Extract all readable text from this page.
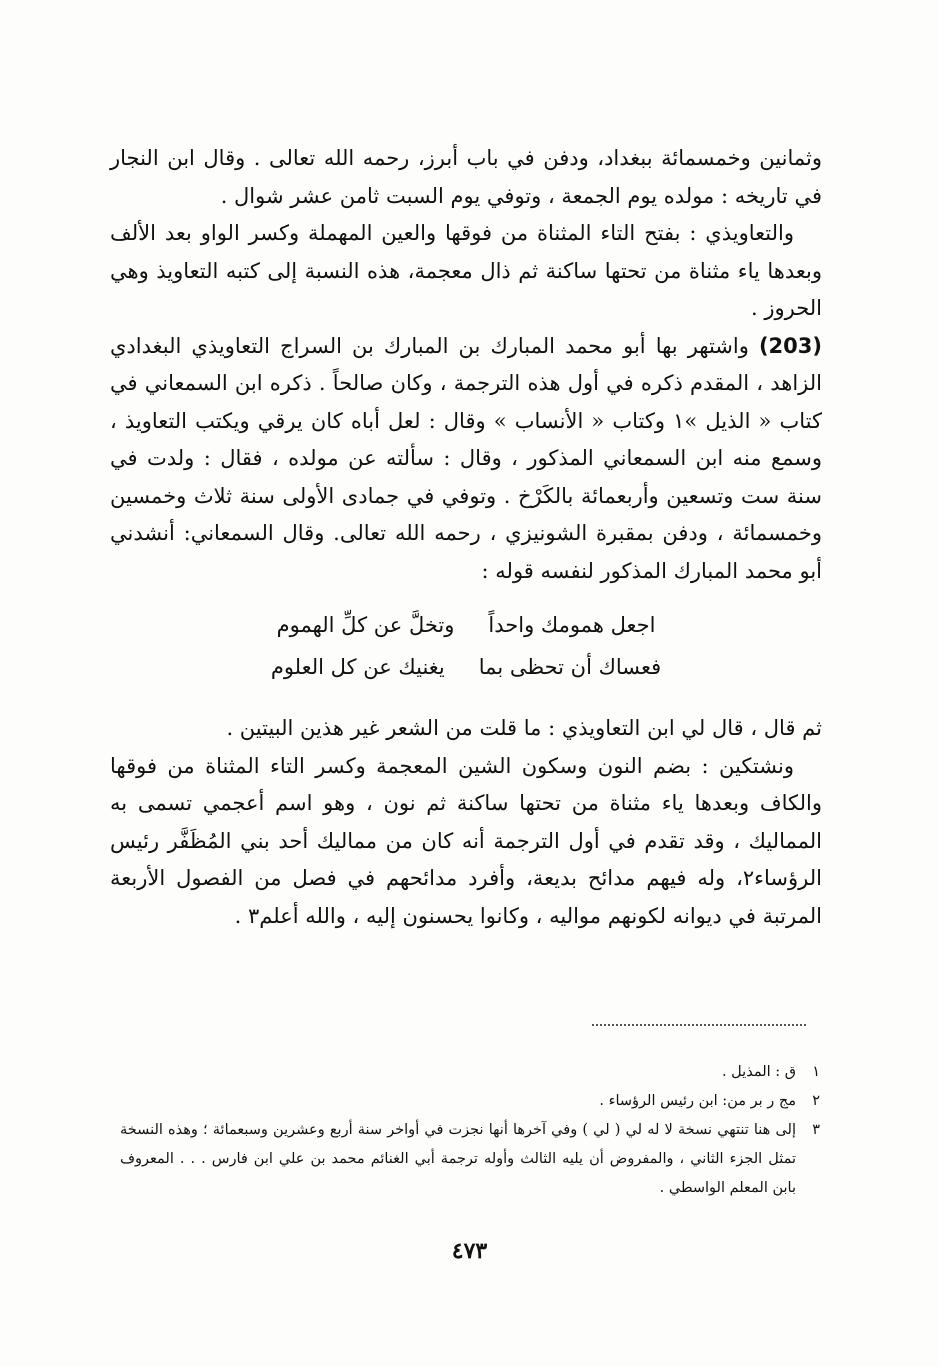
وثمانين وخمسمائة ببغداد، ودفن في باب أبرز، رحمه الله تعالى . وقال ابن النجار في تاريخه : مولده يوم الجمعة ، وتوفي يوم السبت ثامن عشر شوال .

والتعاويذي : بفتح التاء المثناة من فوقها والعين المهملة وكسر الواو بعد الألف وبعدها ياء مثناة من تحتها ساكنة ثم ذال معجمة، هذه النسبة إلى كتبه التعاويذ وهي الحروز .

(203) واشتهر بها أبو محمد المبارك بن المبارك بن السراج التعاويذي البغدادي الزاهد ، المقدم ذكره في أول هذه الترجمة ، وكان صالحاً . ذكره ابن السمعاني في كتاب « الذيل »١ وكتاب « الأنساب » وقال : لعل أباه كان يرقي ويكتب التعاويذ ، وسمع منه ابن السمعاني المذكور ، وقال : سألته عن مولده ، فقال : ولدت في سنة ست وتسعين وأربعمائة بالكَرْخ . وتوفي في جمادى الأولى سنة ثلاث وخمسين وخمسمائة ، ودفن بمقبرة الشونيزي ، رحمه الله تعالى. وقال السمعاني: أنشدني أبو محمد المبارك المذكور لنفسه قوله :

اجعل همومك واحداً
وتخلَّ عن كلِّ الهموم
فعساك أن تحظى بما
يغنيك عن كل العلوم

ثم قال ، قال لي ابن التعاويذي : ما قلت من الشعر غير هذين البيتين .

ونشتكين : بضم النون وسكون الشين المعجمة وكسر التاء المثناة من فوقها والكاف وبعدها ياء مثناة من تحتها ساكنة ثم نون ، وهو اسم أعجمي تسمى به المماليك ، وقد تقدم في أول الترجمة أنه كان من مماليك أحد بني المُظَفَّر رئيس الرؤساء٢، وله فيهم مدائح بديعة، وأفرد مدائحهم في فصل من الفصول الأربعة المرتبة في ديوانه لكونهم مواليه ، وكانوا يحسنون إليه ، والله أعلم٣ .

١
ق : المذيل .
٢
مج ر بر من: ابن رئيس الرؤساء .
٣
إلى هنا تنتهي نسخة لا له لي ( لي ) وفي آخرها أنها نجزت في أواخر سنة أربع وعشرين وسبعمائة ؛ وهذه النسخة تمثل الجزء الثاني ، والمفروض أن يليه الثالث وأوله ترجمة أبي الغنائم محمد بن علي ابن فارس . . . المعروف بابن المعلم الواسطي .
٤٧٣
